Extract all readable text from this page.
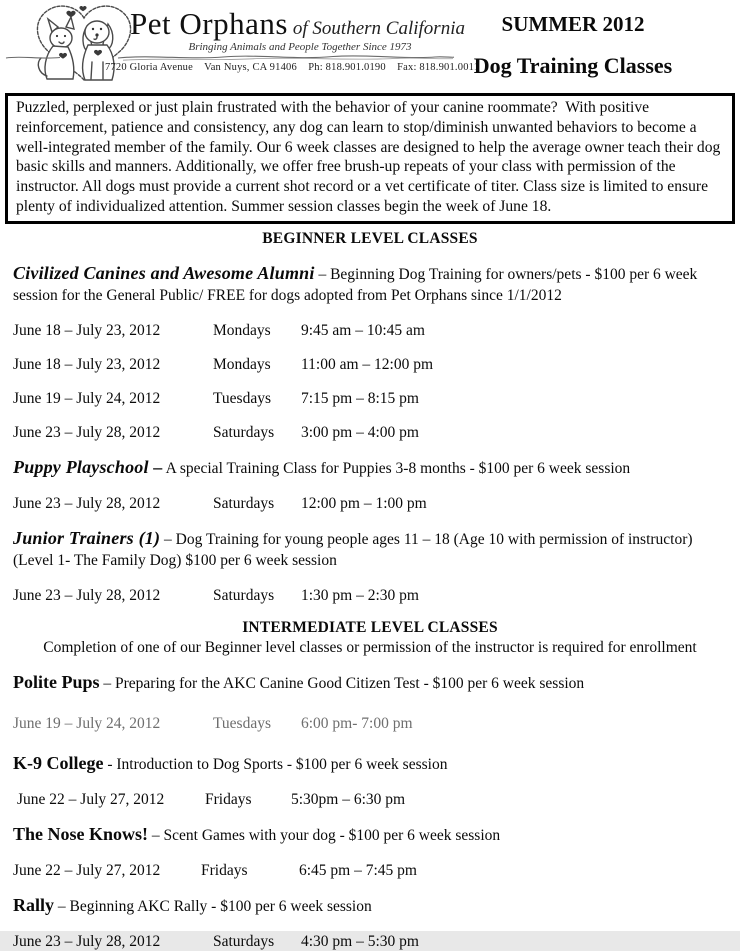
Pet Orphans of Southern California
Bringing Animals and People Together Since 1973
7720 Gloria Avenue    Van Nuys, CA 91406    Ph: 818.901.0190    Fax: 818.901.0011
SUMMER 2012
Dog Training Classes

Puzzled, perplexed or just plain frustrated with the behavior of your canine roommate?  With positive reinforcement, patience and consistency, any dog can learn to stop/diminish unwanted behaviors to become a well-integrated member of the family. Our 6 week classes are designed to help the average owner teach their dog basic skills and manners. Additionally, we offer free brush-up repeats of your class with permission of the instructor. All dogs must provide a current shot record or a vet certificate of titer. Class size is limited to ensure plenty of individualized attention. Summer session classes begin the week of June 18.

BEGINNER LEVEL CLASSES

Civilized Canines and Awesome Alumni – Beginning Dog Training for owners/pets - $100 per 6 week session for the General Public/ FREE for dogs adopted from Pet Orphans since 1/1/2012

June 18 – July 23, 2012	Mondays	9:45 am – 10:45 am
June 18 – July 23, 2012	Mondays	11:00 am – 12:00 pm
June 19 – July 24, 2012	Tuesdays	7:15 pm – 8:15 pm
June 23 – July 28, 2012	Saturdays	3:00 pm – 4:00 pm

Puppy Playschool – A special Training Class for Puppies 3-8 months - $100 per 6 week session

June 23 – July 28, 2012	Saturdays	12:00 pm – 1:00 pm

Junior Trainers (1) – Dog Training for young people ages 11 – 18 (Age 10 with permission of instructor) (Level 1- The Family Dog) $100 per 6 week session

June 23 – July 28, 2012	Saturdays	1:30 pm – 2:30 pm
INTERMEDIATE LEVEL CLASSES

Completion of one of our Beginner level classes or permission of the instructor is required for enrollment

Polite Pups – Preparing for the AKC Canine Good Citizen Test - $100 per 6 week session

June 19 – July 24, 2012	Tuesdays	6:00 pm- 7:00 pm

K-9 College - Introduction to Dog Sports - $100 per 6 week session

June 22 – July 27, 2012	Fridays	5:30pm – 6:30 pm

The Nose Knows! – Scent Games with your dog - $100 per 6 week session

June 22 – July 27, 2012	Fridays	6:45 pm – 7:45 pm

Rally – Beginning AKC Rally - $100 per 6 week session

June 23 – July 28, 2012	Saturdays	4:30 pm – 5:30 pm
